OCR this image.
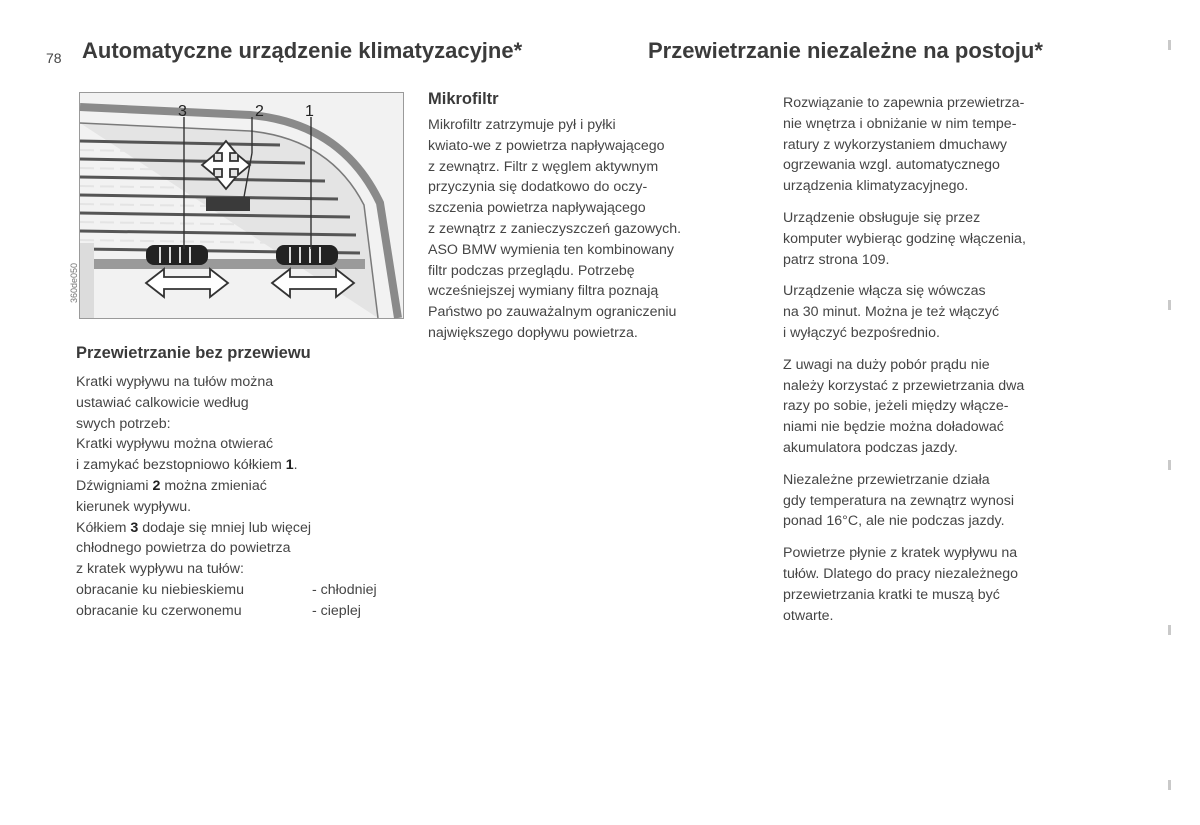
78 Automatyczne urządzenie klimatyzacyjne*	Przewietrzanie niezależne na postoju*
3	2	1
360de050
Przewietrzanie bez przewiewu
Kratki wypływu na tułów można
ustawiać calkowicie według
swych potrzeb:
Kratki wypływu można otwierać
i zamykać bezstopniowo kółkiem 1.
Dźwigniami 2 można zmieniać
kierunek wypływu.
Kółkiem 3 dodaje się mniej lub więcej
chłodnego powietrza do powietrza
z kratek wypływu na tułów:
obracanie ku niebieskiemu	- chłodniej
obracanie ku czerwonemu	- cieplej
Mikrofiltr
Mikrofiltr zatrzymuje pył i pyłki
kwiato-we z powietrza napływającego
z zewnątrz. Filtr z węglem aktywnym
przyczynia się dodatkowo do oczy-
szczenia powietrza napływającego
z zewnątrz z zanieczyszczeń gazowych.
ASO BMW wymienia ten kombinowany
filtr podczas przeglądu. Potrzebę
wcześniejszej wymiany filtra poznają
Państwo po zauważalnym ograniczeniu
największego dopływu powietrza.
Rozwiązanie to zapewnia przewietrza-
nie wnętrza i obniżanie w nim tempe-
ratury z wykorzystaniem dmuchawy
ogrzewania wzgl. automatycznego
urządzenia klimatyzacyjnego.
Urządzenie obsługuje się przez
komputer wybierąc godzinę włączenia,
patrz strona 109.
Urządzenie włącza się wówczas
na 30 minut. Można je też włączyć
i wyłączyć bezpośrednio.
Z uwagi na duży pobór prądu nie
należy korzystać z przewietrzania dwa
razy po sobie, jeżeli między włącze-
niami nie będzie można doładować
akumulatora podczas jazdy.
Niezależne przewietrzanie działa
gdy temperatura na zewnątrz wynosi
ponad 16°C, ale nie podczas jazdy.
Powietrze płynie z kratek wypływu na
tułów. Dlatego do pracy niezależnego
przewietrzania kratki te muszą być
otwarte.
